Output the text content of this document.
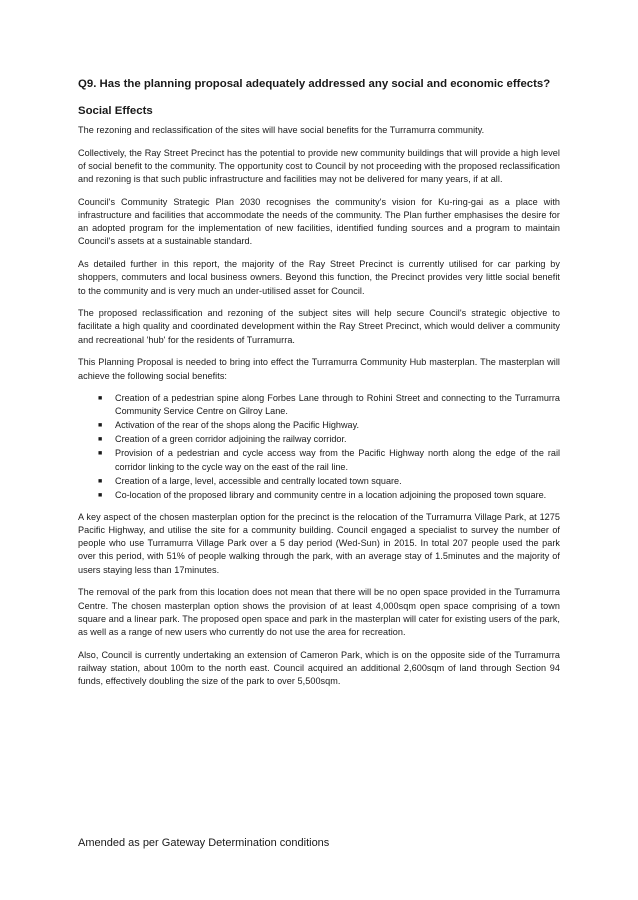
Q9. Has the planning proposal adequately addressed any social and economic effects?
Social Effects

The rezoning and reclassification of the sites will have social benefits for the Turramurra community.

Collectively, the Ray Street Precinct has the potential to provide new community buildings that will provide a high level of social benefit to the community. The opportunity cost to Council by not proceeding with the proposed reclassification and rezoning is that such public infrastructure and facilities may not be delivered for many years, if at all.

Council's Community Strategic Plan 2030 recognises the community's vision for Ku-ring-gai as a place with infrastructure and facilities that accommodate the needs of the community. The Plan further emphasises the desire for an adopted program for the implementation of new facilities, identified funding sources and a program to maintain Council's assets at a sustainable standard.

As detailed further in this report, the majority of the Ray Street Precinct is currently utilised for car parking by shoppers, commuters and local business owners. Beyond this function, the Precinct provides very little social benefit to the community and is very much an under-utilised asset for Council.

The proposed reclassification and rezoning of the subject sites will help secure Council's strategic objective to facilitate a high quality and coordinated development within the Ray Street Precinct, which would deliver a community and recreational 'hub' for the residents of Turramurra.

This Planning Proposal is needed to bring into effect the Turramurra Community Hub masterplan. The masterplan will achieve the following social benefits:

■ Creation of a pedestrian spine along Forbes Lane through to Rohini Street and connecting to the Turramurra Community Service Centre on Gilroy Lane.
■ Activation of the rear of the shops along the Pacific Highway.
■ Creation of a green corridor adjoining the railway corridor.
■ Provision of a pedestrian and cycle access way from the Pacific Highway north along the edge of the rail corridor linking to the cycle way on the east of the rail line.
■ Creation of a large, level, accessible and centrally located town square.
■ Co-location of the proposed library and community centre in a location adjoining the proposed town square.

A key aspect of the chosen masterplan option for the precinct is the relocation of the Turramurra Village Park, at 1275 Pacific Highway, and utilise the site for a community building. Council engaged a specialist to survey the number of people who use Turramurra Village Park over a 5 day period (Wed-Sun) in 2015. In total 207 people used the park over this period, with 51% of people walking through the park, with an average stay of 1.5minutes and the majority of users staying less than 17minutes.

The removal of the park from this location does not mean that there will be no open space provided in the Turramurra Centre. The chosen masterplan option shows the provision of at least 4,000sqm open space comprising of a town square and a linear park. The proposed open space and park in the masterplan will cater for existing users of the park, as well as a range of new users who currently do not use the area for recreation.

Also, Council is currently undertaking an extension of Cameron Park, which is on the opposite side of the Turramurra railway station, about 100m to the north east. Council acquired an additional 2,600sqm of land through Section 94 funds, effectively doubling the size of the park to over 5,500sqm.

Amended as per Gateway Determination conditions
